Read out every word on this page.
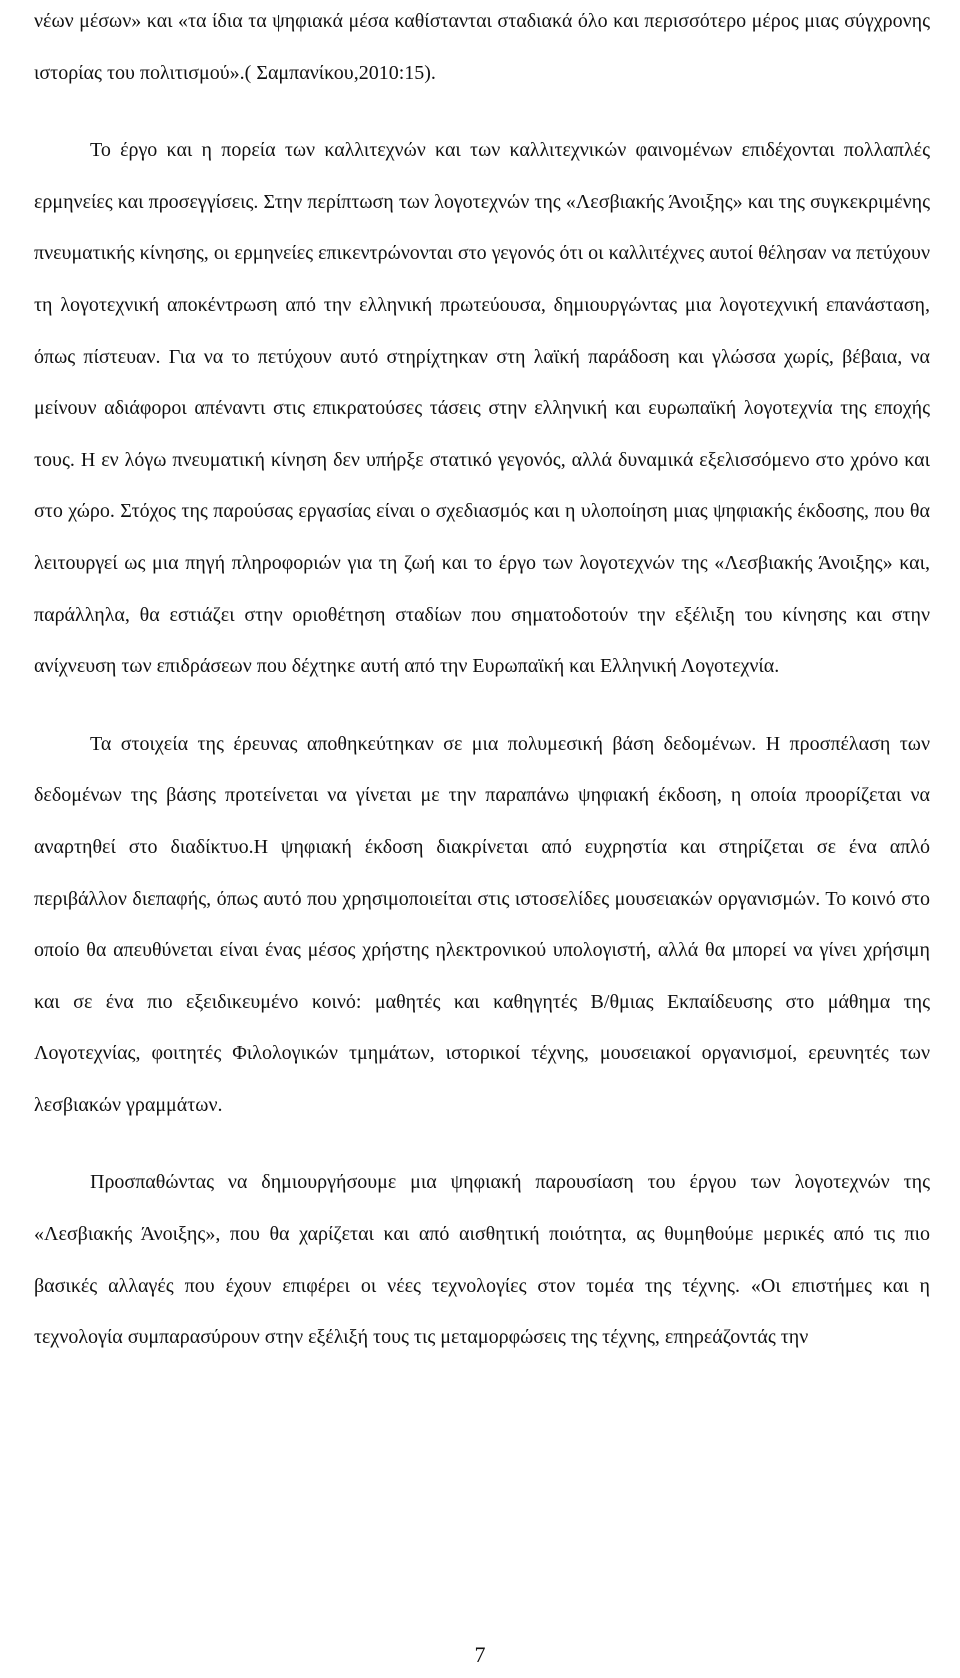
νέων μέσων» και «τα ίδια τα ψηφιακά μέσα καθίστανται σταδιακά όλο και περισσότερο μέρος μιας σύγχρονης ιστορίας του πολιτισμού».( Σαμπανίκου,2010:15).

Το έργο και η πορεία των καλλιτεχνών και των καλλιτεχνικών φαινομένων επιδέχονται πολλαπλές ερμηνείες και προσεγγίσεις. Στην περίπτωση των λογοτεχνών της «Λεσβιακής Άνοιξης» και της συγκεκριμένης πνευματικής κίνησης, οι ερμηνείες επικεντρώνονται στο γεγονός ότι οι καλλιτέχνες αυτοί θέλησαν να πετύχουν τη λογοτεχνική αποκέντρωση από την ελληνική πρωτεύουσα, δημιουργώντας μια λογοτεχνική επανάσταση, όπως πίστευαν. Για να το πετύχουν αυτό στηρίχτηκαν στη λαϊκή παράδοση και γλώσσα χωρίς, βέβαια, να μείνουν αδιάφοροι απέναντι στις επικρατούσες τάσεις στην ελληνική και ευρωπαϊκή λογοτεχνία της εποχής τους. Η εν λόγω πνευματική κίνηση δεν υπήρξε στατικό γεγονός, αλλά δυναμικά εξελισσόμενο στο χρόνο και στο χώρο. Στόχος της παρούσας εργασίας είναι ο σχεδιασμός και η υλοποίηση μιας ψηφιακής έκδοσης, που θα λειτουργεί ως μια πηγή πληροφοριών για τη ζωή και το έργο των λογοτεχνών της «Λεσβιακής Άνοιξης» και, παράλληλα, θα εστιάζει στην οριοθέτηση σταδίων που σηματοδοτούν την εξέλιξη του κίνησης και στην ανίχνευση των επιδράσεων που δέχτηκε αυτή από την Ευρωπαϊκή και Ελληνική Λογοτεχνία.

Τα στοιχεία της έρευνας αποθηκεύτηκαν σε μια πολυμεσική βάση δεδομένων. Η προσπέλαση των δεδομένων της βάσης προτείνεται να γίνεται με την παραπάνω ψηφιακή έκδοση, η οποία προορίζεται να αναρτηθεί στο διαδίκτυο.Η ψηφιακή έκδοση διακρίνεται από ευχρηστία και στηρίζεται σε ένα απλό περιβάλλον διεπαφής, όπως αυτό που χρησιμοποιείται στις ιστοσελίδες μουσειακών οργανισμών. Το κοινό στο οποίο θα απευθύνεται είναι ένας μέσος χρήστης ηλεκτρονικού υπολογιστή, αλλά θα μπορεί να γίνει χρήσιμη και σε ένα πιο εξειδικευμένο κοινό: μαθητές και καθηγητές Β/θμιας Εκπαίδευσης στο μάθημα της Λογοτεχνίας, φοιτητές Φιλολογικών τμημάτων, ιστορικοί τέχνης, μουσειακοί οργανισμοί, ερευνητές των λεσβιακών γραμμάτων.

Προσπαθώντας να δημιουργήσουμε μια ψηφιακή παρουσίαση του έργου των λογοτεχνών της «Λεσβιακής Άνοιξης», που θα χαρίζεται και από αισθητική ποιότητα, ας θυμηθούμε μερικές από τις πιο βασικές αλλαγές που έχουν επιφέρει οι νέες τεχνολογίες στον τομέα της τέχνης. «Οι επιστήμες και η τεχνολογία συμπαρασύρουν στην εξέλιξή τους τις μεταμορφώσεις της τέχνης, επηρεάζοντάς την

7
